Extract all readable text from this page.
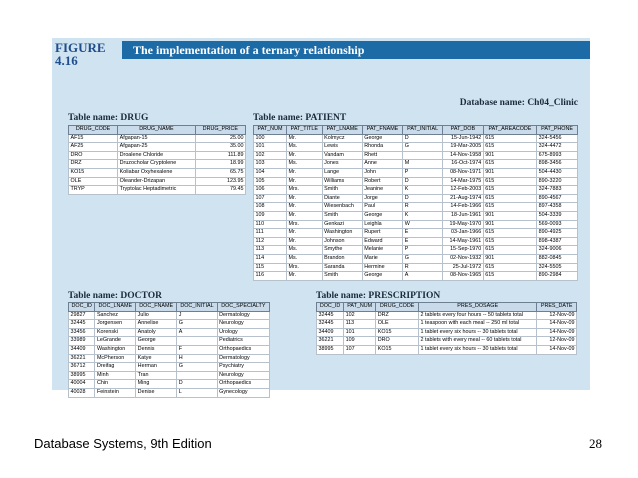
FIGURE
4.16
The implementation of a ternary relationship
Database name: Ch04_Clinic
Table name: DRUG
DRUG_CODE	DRUG_NAME	DRUG_PRICE
AF15	Afgapan-15	25.00
AF25	Afgapan-25	35.00
DRO	Droalene Chloride	111.89
DRZ	Druzocholar Cryptolene	18.99
KO15	Koliabar Oxyhexalene	65.75
OLE	Oleander-Drizapan	123.95
TRYP	Tryptolac Heptadimetric	79.45
Table name: PATIENT
PAT_NUM	PAT_TITLE	PAT_LNAME	PAT_FNAME	PAT_INITIAL	PAT_DOB	PAT_AREACODE	PAT_PHONE
100	Mr.	Kolmycz	George	D	15-Jun-1942	615	324-5456
101	Ms.	Lewis	Rhonda	G	19-Mar-2005	615	324-4472
102	Mr.	Vandam	Rhett		14-Nov-1958	901	675-8993
103	Ms.	Jones	Anne	M	16-Oct-1974	615	898-3456
104	Mr.	Lange	John	P	08-Nov-1971	901	504-4430
105	Mr.	Williams	Robert	D	14-Mar-1975	615	890-3220
106	Mrs.	Smith	Jeanine	K	12-Feb-2003	615	324-7883
107	Mr.	Diante	Jorge	D	21-Aug-1974	615	890-4567
108	Mr.	Wiesenbach	Paul	R	14-Feb-1966	615	897-4358
109	Mr.	Smith	George	K	18-Jun-1961	901	504-3339
110	Mrs.	Genkazi	Leighla	W	19-May-1970	901	569-0093
111	Mr.	Washington	Rupert	E	03-Jan-1966	615	890-4925
112	Mr.	Johnson	Edward	E	14-May-1961	615	898-4387
113	Ms.	Smythe	Melanie	P	15-Sep-1970	615	324-9006
114	Ms.	Brandon	Marie	G	02-Nov-1932	901	882-0845
115	Mrs.	Saranda	Hermine	R	25-Jul-1972	615	324-5505
116	Mr.	Smith	George	A	08-Nov-1965	615	890-2984
Table name: DOCTOR
DOC_ID	DOC_LNAME	DOC_FNAME	DOC_INITIAL	DOC_SPECIALTY
29827	Sanchez	Julio	J	Dermatology
32445	Jorgensen	Annelise	G	Neurology
33456	Korenski	Anatoly	A	Urology
33989	LeGrande	George		Pediatrics
34409	Washington	Dennis	F	Orthopaedics
36221	McPherson	Katye	H	Dermatology
36712	Dreifag	Herman	G	Psychiatry
38995	Minh	Tran		Neurology
40004	Chin	Ming	D	Orthopaedics
40028	Feinstein	Denise	L	Gynecology
Table name: PRESCRIPTION
DOC_ID	PAT_NUM	DRUG_CODE	PRES_DOSAGE	PRES_DATE
32445	102	DRZ	2 tablets every four hours -- 50 tablets total	12-Nov-09
32445	113	OLE	1 teaspoon with each meal -- 250 ml total	14-Nov-09
34409	101	KO15	1 tablet every six hours -- 30 tablets total	14-Nov-09
36221	109	DRO	2 tablets with every meal -- 60 tablets total	12-Nov-09
38995	107	KO15	1 tablet every six hours -- 30 tablets total	14-Nov-09
Database Systems, 9th Edition	28
